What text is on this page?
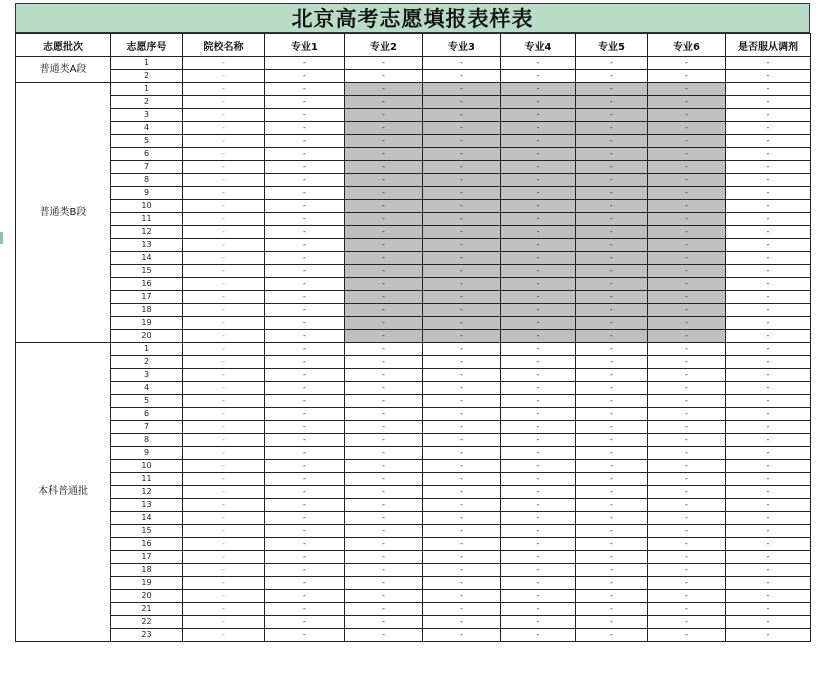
北京高考志愿填报表样表
志愿批次	志愿序号	院校名称	专业1	专业2	专业3	专业4	专业5	专业6	是否服从调剂
普通类A段	1	-	-	-	-	-	-	-	-
	2	-	-	-	-	-	-	-	-
普通类B段	1	-	-	-	-	-	-	-	-
	2	-	-	-	-	-	-	-	-
	3	-	-	-	-	-	-	-	-
	4	-	-	-	-	-	-	-	-
	5	-	-	-	-	-	-	-	-
	6	-	-	-	-	-	-	-	-
	7	-	-	-	-	-	-	-	-
	8	-	-	-	-	-	-	-	-
	9	-	-	-	-	-	-	-	-
	10	-	-	-	-	-	-	-	-
	11	-	-	-	-	-	-	-	-
	12	-	-	-	-	-	-	-	-
	13	-	-	-	-	-	-	-	-
	14	-	-	-	-	-	-	-	-
	15	-	-	-	-	-	-	-	-
	16	-	-	-	-	-	-	-	-
	17	-	-	-	-	-	-	-	-
	18	-	-	-	-	-	-	-	-
	19	-	-	-	-	-	-	-	-
	20	-	-	-	-	-	-	-	-
本科普通批	1	-	-	-	-	-	-	-	-
	2	-	-	-	-	-	-	-	-
	3	-	-	-	-	-	-	-	-
	4	-	-	-	-	-	-	-	-
	5	-	-	-	-	-	-	-	-
	6	-	-	-	-	-	-	-	-
	7	-	-	-	-	-	-	-	-
	8	-	-	-	-	-	-	-	-
	9	-	-	-	-	-	-	-	-
	10	-	-	-	-	-	-	-	-
	11	-	-	-	-	-	-	-	-
	12	-	-	-	-	-	-	-	-
	13	-	-	-	-	-	-	-	-
	14	-	-	-	-	-	-	-	-
	15	-	-	-	-	-	-	-	-
	16	-	-	-	-	-	-	-	-
	17	-	-	-	-	-	-	-	-
	18	-	-	-	-	-	-	-	-
	19	-	-	-	-	-	-	-	-
	20	-	-	-	-	-	-	-	-
	21	-	-	-	-	-	-	-	-
	22	-	-	-	-	-	-	-	-
	23	-	-	-	-	-	-	-	-
